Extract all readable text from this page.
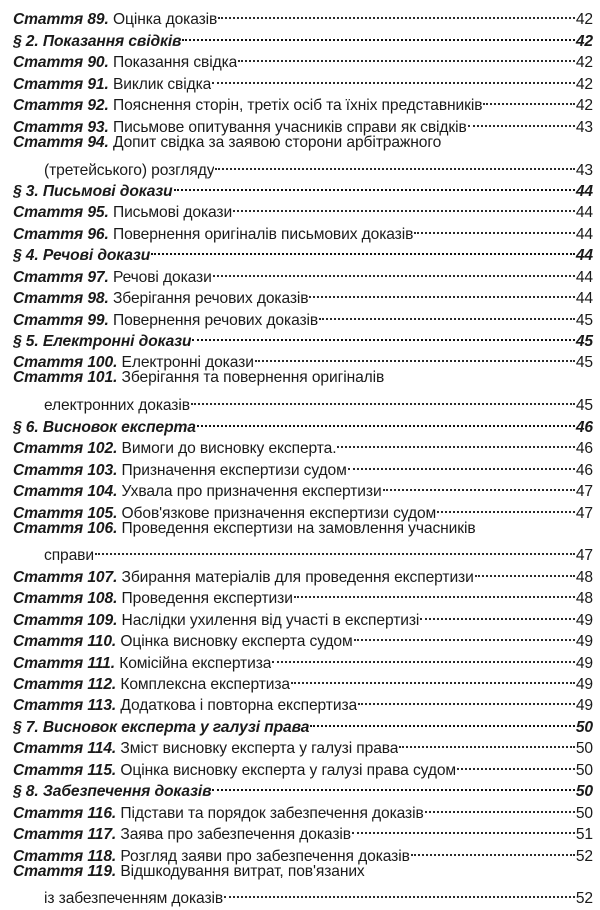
Стаття 89. Оцінка доказів	42
§ 2. Показання свідків	42
Стаття 90. Показання свідка	42
Стаття 91. Виклик свідка	42
Стаття 92. Пояснення сторін, третіх осіб та їхніх представників	42
Стаття 93. Письмове опитування учасників справи як свідків	43
Стаття 94. Допит свідка за заявою сторони арбітражного
(третейського) розгляду	43
§ 3. Письмові докази	44
Стаття 95. Письмові докази	44
Стаття 96. Повернення оригіналів письмових доказів	44
§ 4. Речові докази	44
Стаття 97. Речові докази	44
Стаття 98. Зберігання речових доказів	44
Стаття 99. Повернення речових доказів	45
§ 5. Електронні докази	45
Стаття 100. Електронні докази	45
Стаття 101. Зберігання та повернення оригіналів
електронних доказів	45
§ 6. Висновок експерта	46
Стаття 102. Вимоги до висновку експерта.	46
Стаття 103. Призначення експертизи судом	46
Стаття 104. Ухвала про призначення експертизи	47
Стаття 105. Обов'язкове призначення експертизи судом	47
Стаття 106. Проведення експертизи на замовлення учасників
справи	47
Стаття 107. Збирання матеріалів для проведення експертизи	48
Стаття 108. Проведення експертизи	48
Стаття 109. Наслідки ухилення від участі в експертизі	49
Стаття 110. Оцінка висновку експерта судом	49
Стаття 111. Комісійна експертиза	49
Стаття 112. Комплексна експертиза	49
Стаття 113. Додаткова і повторна експертиза	49
§ 7. Висновок експерта у галузі права	50
Стаття 114. Зміст висновку експерта у галузі права	50
Стаття 115. Оцінка висновку експерта у галузі права судом	50
§ 8. Забезпечення доказів	50
Стаття 116. Підстави та порядок забезпечення доказів	50
Стаття 117. Заява про забезпечення доказів	51
Стаття 118. Розгляд заяви про забезпечення доказів	52
Стаття 119. Відшкодування витрат, пов'язаних
із забезпеченням доказів	52
